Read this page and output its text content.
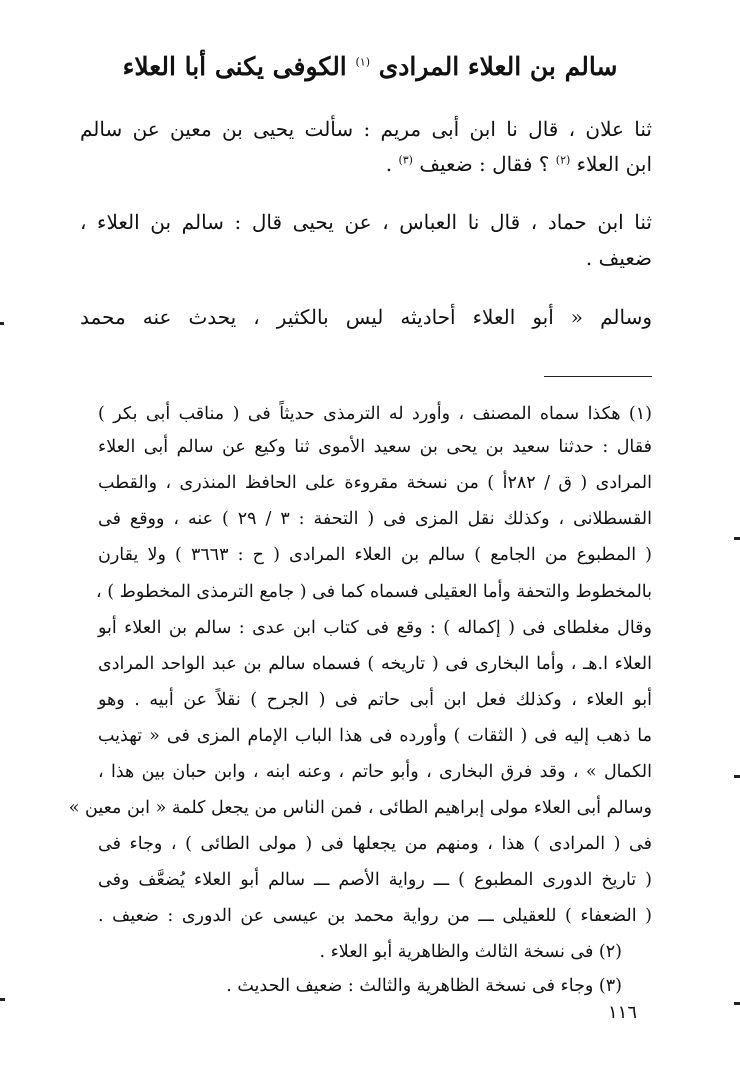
سالم بن العلاء المرادى $^{(١)}$ الكوفى يكنى أبا العلاء
ثنا علان ، قال نا ابن أبى مريم : سألت يحيى بن معين عن سالم
ابن العلاء $^{(٢)}$ ؟ فقال : ضعيف $^{(٣)}$ .
ثنا ابن حماد ، قال نا العباس ، عن يحيى قال : سالم بن العلاء ،
ضعيف .
وسالم « أبو العلاء أحاديثه ليس بالكثير ، يحدث عنه محمد
(١) هكذا سماه المصنف ، وأورد له الترمذى حديثاً فى ( مناقب أبى بكر )
فقال : حدثنا سعيد بن يحى بن سعيد الأموى ثنا وكيع عن سالم أبى العلاء
المرادى ( ق / ٢٨٢أ ) من نسخة مقروءة على الحافظ المنذرى ، والقطب
القسطلانى ، وكذلك نقل المزى فى ( التحفة : ٣ / ٢٩ ) عنه ، ووقع فى
( المطبوع من الجامع ) سالم بن العلاء المرادى ( ح : ٣٦٦٣ ) ولا يقارن
بالمخطوط والتحفة وأما العقيلى فسماه كما فى ( جامع الترمذى المخطوط ) ،
وقال مغلطاى فى ( إكماله ) : وقع فى كتاب ابن عدى : سالم بن العلاء أبو
العلاء ا.هـ ، وأما البخارى فى ( تاريخه ) فسماه سالم بن عبد الواحد المرادى
أبو العلاء ، وكذلك فعل ابن أبى حاتم فى ( الجرح ) نقلاً عن أبيه . وهو
ما ذهب إليه فى ( الثقات ) وأورده فى هذا الباب الإمام المزى فى « تهذيب
الكمال » ، وقد فرق البخارى ، وأبو حاتم ، وعنه ابنه ، وابن حبان بين هذا ،
وسالم أبى العلاء مولى إبراهيم الطائى ، فمن الناس من يجعل كلمة « ابن معين »
فى ( المرادى ) هذا ، ومنهم من يجعلها فى ( مولى الطائى ) ، وجاء فى
( تاريخ الدورى المطبوع ) ـــ رواية الأصم ـــ سالم أبو العلاء يُضعَّف وفى
( الضعفاء ) للعقيلى ـــ من رواية محمد بن عيسى عن الدورى : ضعيف .
(٢) فى نسخة الثالث والظاهرية أبو العلاء .
(٣) وجاء فى نسخة الظاهرية والثالث : ضعيف الحديث .
١١٦
